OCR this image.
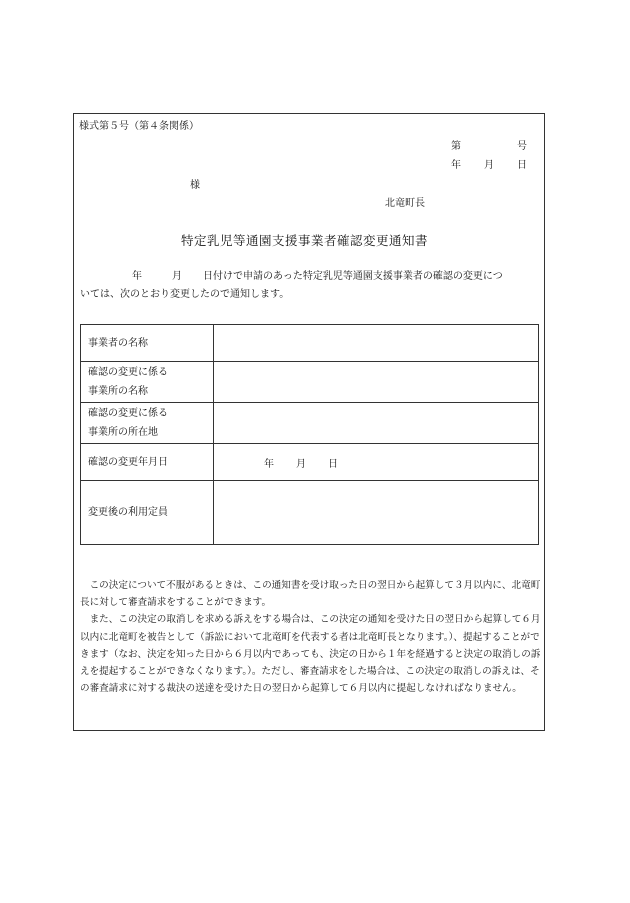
様式第５号（第４条関係）
第	号
年 月 日
様
北竜町長
特定乳児等通園支援事業者確認変更通知書
年	月 日付けで申請のあった特定乳児等通園支援事業者の確認の変更につ
いては、次のとおり変更したので通知します。
事業者の名称	
確認の変更に係る
事業所の名称	
確認の変更に係る
事業所の所在地	
確認の変更年月日	年 月 日
変更後の利用定員	

この決定について不服があるときは、この通知書を受け取った日の翌日から起算して３月以内に、北竜町長に対して審査請求をすることができます。

また、この決定の取消しを求める訴えをする場合は、この決定の通知を受けた日の翌日から起算して６月以内に北竜町を被告として（訴訟において北竜町を代表する者は北竜町長となります。）、提起することができます（なお、決定を知った日から６月以内であっても、決定の日から１年を経過すると決定の取消しの訴えを提起することができなくなります。）。ただし、審査請求をした場合は、この決定の取消しの訴えは、その審査請求に対する裁決の送達を受けた日の翌日から起算して６月以内に提起しなければなりません。
